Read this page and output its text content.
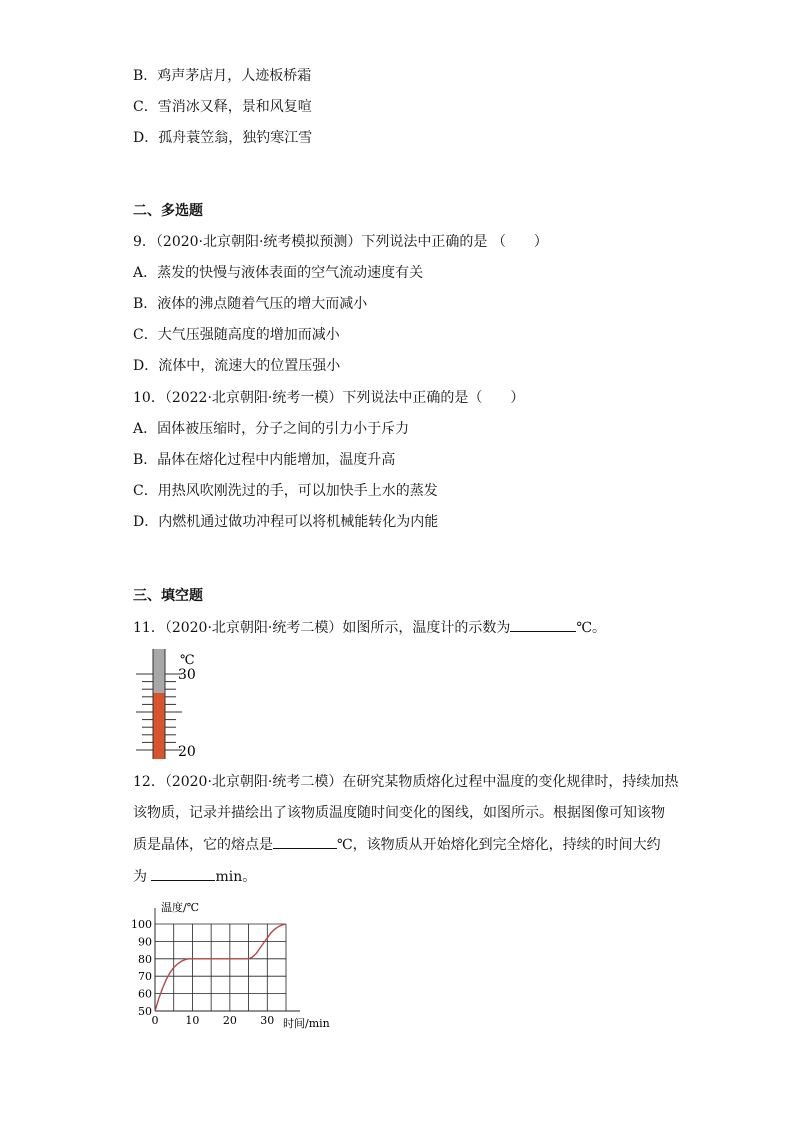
B．鸡声茅店月，人迹板桥霜
C．雪消冰又释，景和风复喧
D．孤舟蓑笠翁，独钓寒江雪
二、多选题
9．（2020·北京朝阳·统考模拟预测）下列说法中正确的是 （　　）
A．蒸发的快慢与液体表面的空气流动速度有关
B．液体的沸点随着气压的增大而减小
C．大气压强随高度的增加而减小
D．流体中，流速大的位置压强小
10．（2022·北京朝阳·统考一模）下列说法中正确的是（　　）
A．固体被压缩时，分子之间的引力小于斥力
B．晶体在熔化过程中内能增加，温度升高
C．用热风吹刚洗过的手，可以加快手上水的蒸发
D．内燃机通过做功冲程可以将机械能转化为内能
三、填空题
11．（2020·北京朝阳·统考二模）如图所示，温度计的示数为	℃。
℃
30
20
12．（2020·北京朝阳·统考二模）在研究某物质熔化过程中温度的变化规律时，持续加热
该物质，记录并描绘出了该物质温度随时间变化的图线，如图所示。根据图像可知该物
质是晶体，它的熔点是	℃，该物质从开始熔化到完全熔化，持续的时间大约
为	min。
温度/℃
时间/min
50
60
70
80
90
100
0 10 20 30
